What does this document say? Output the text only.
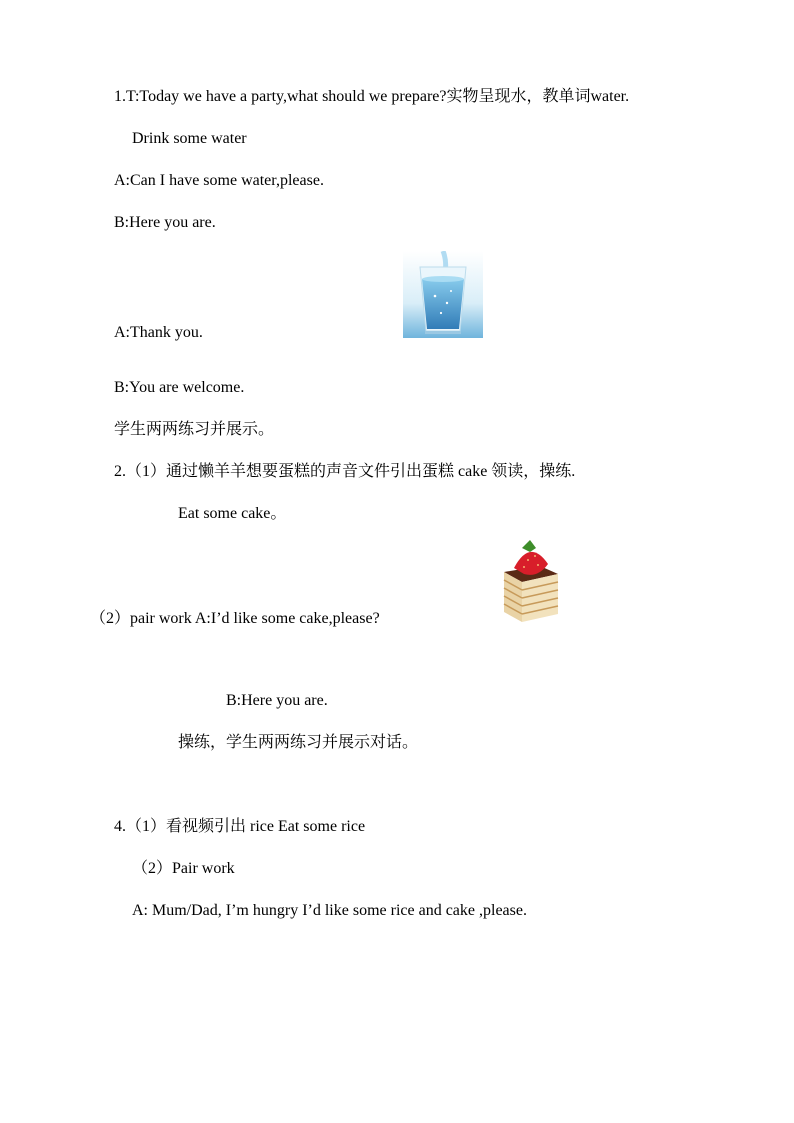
1.T:Today we have a party,what should we prepare?实物呈现水，教单词water.

Drink some water

A:Can I have some water,please.

B:Here you are.

A:Thank you.

B:You are welcome.

学生两两练习并展示。

2.（1）通过懒羊羊想要蛋糕的声音文件引出蛋糕 cake 领读，操练.

Eat some cake。

（2）pair work A:I’d like some cake,please?

B:Here you are.

操练，学生两两练习并展示对话。

4.（1）看视频引出 rice Eat some rice

（2）Pair work

A: Mum/Dad, I’m hungry I’d like some rice and cake ,please.
